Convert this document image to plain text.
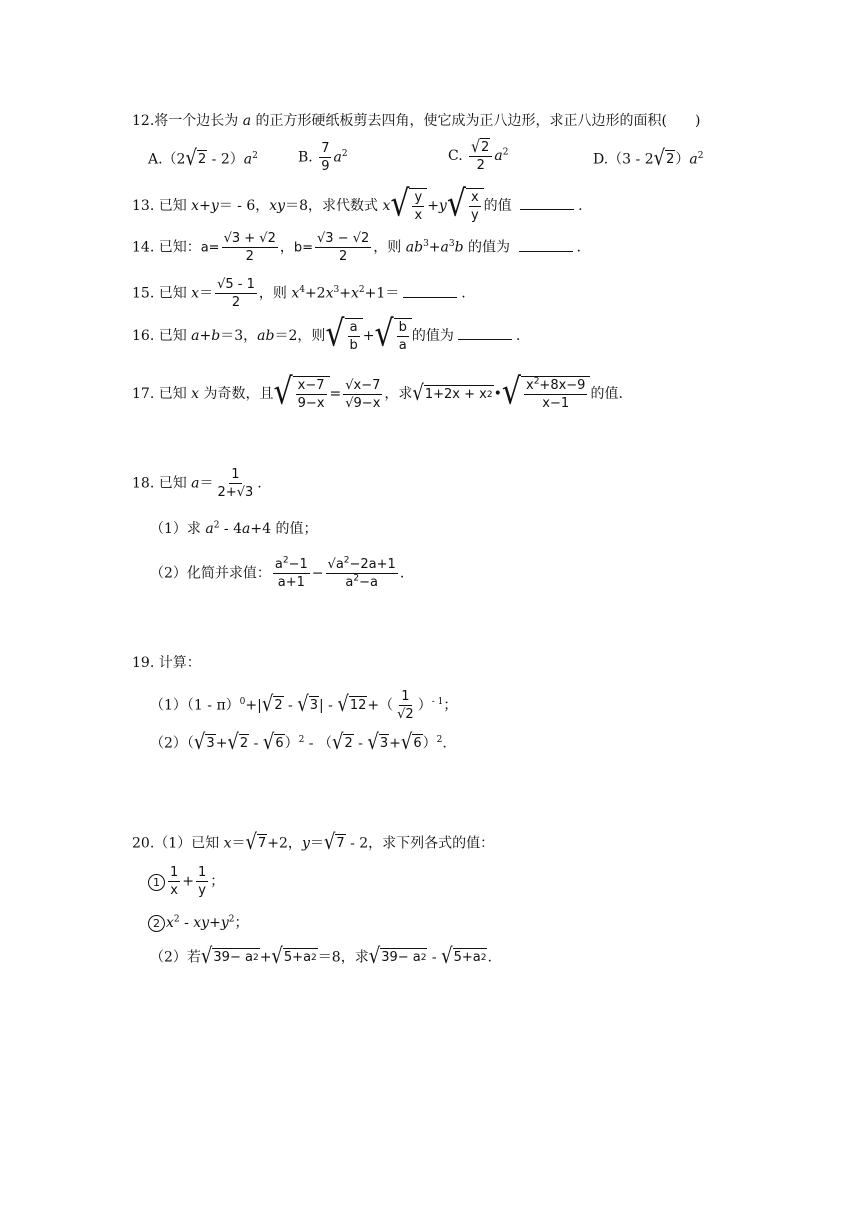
12.将一个边长为 a 的正方形硬纸板剪去四角，使它成为正八边形，求正八边形的面积(　　)
A.（2 √ $2 - 2)a^2$	B. $\frac{7}{9} a^2$	C. $\frac{√ 2}{2} a^2$	D.（3 - 2 √ 2 ）$a^2$
13. 已知 x+y＝ - 6，xy＝8，求代数式 x √ $\frac{y}{x} +y$ √ $\frac{x}{y}$ 的值	.
14. 已知：$a= \frac{√3 + √2}{2}$ ，$b= \frac{√3 - √2}{2}$ ，则 $ab^3+a^3b$ 的值为	.
15. 已知 $x= \frac{√5 - 1}{2}$ ，则 $x^4+2x^3+x^2+1=$	.
16. 已知 a+b＝3，ab＝2，则 √ $\frac{a}{b}$ + √ $\frac{b}{a}$ 的值为	.
17. 已知 x 为奇数，且 √ $\frac{x-7}{9-x} = \frac{√x-7}{√9-x}$ ，求 √ 1+2x + x 2 • √ $\frac{x^2+8x-9}{x-1}$ 的值.
18. 已知 $a= \frac{1}{2+√3}$ .
（1）求 $a^2 - 4a+4$ 的值；
（2）化简并求值： $\frac{a^2-1}{a+1} - \frac{√a^2-2a+1}{a^2-a}$ .
19. 计算：
（1）（1 - π）$^0$+| √ 2 - √ 3 | - √ 12 +（ $\frac{1}{√2} )^{- 1}$；
（2）（ √ 3 + √ 2 - √ 6 ）$^2$ - （ √ 2 - √ 3 + √ 6 ）$^2$.
20.（1）已知 x＝ √ 7 +2，y＝ √ 7 - 2，求下列各式的值：
$1 \frac{1}{x} + \frac{1}{y}$ ；
2 $x^2 - xy+y^2$；
（2）若 √ 39− a 2 + √ 5+a 2 ＝8，求 √ 39− a 2 - √ 5+a 2 .
